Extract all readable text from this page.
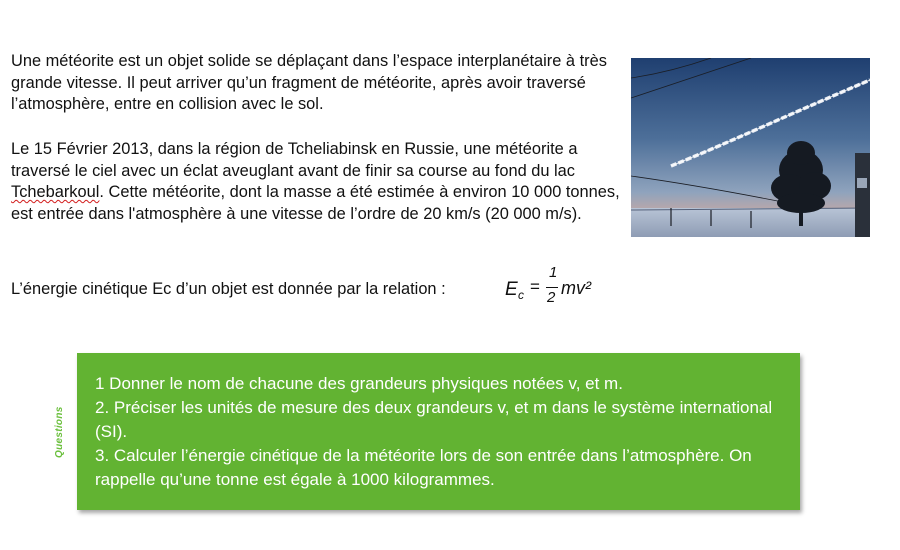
Une météorite est un objet solide se déplaçant dans l’espace interplanétaire à très grande vitesse. Il peut arriver qu’un fragment de météorite, après avoir traversé l’atmosphère, entre en collision avec le sol.

Le 15 Février 2013, dans la région de Tcheliabinsk en Russie, une météorite a traversé le ciel avec un éclat aveuglant avant de finir sa course au fond du lac Tchebarkoul. Cette météorite, dont la masse a été estimée à environ 10 000 tonnes, est entrée dans l'atmosphère à une vitesse de l’ordre de 20 km/s (20 000 m/s).

L’énergie cinétique Ec d’un objet est donnée par la relation :	E c =
1
2 mv²
Questions
1 Donner le nom de chacune des grandeurs physiques notées v, et m.
2. Préciser les unités de mesure des deux grandeurs v, et m dans le système international (SI).
3. Calculer l’énergie cinétique de la météorite lors de son entrée dans l’atmosphère. On rappelle qu’une tonne est égale à 1000 kilogrammes.
